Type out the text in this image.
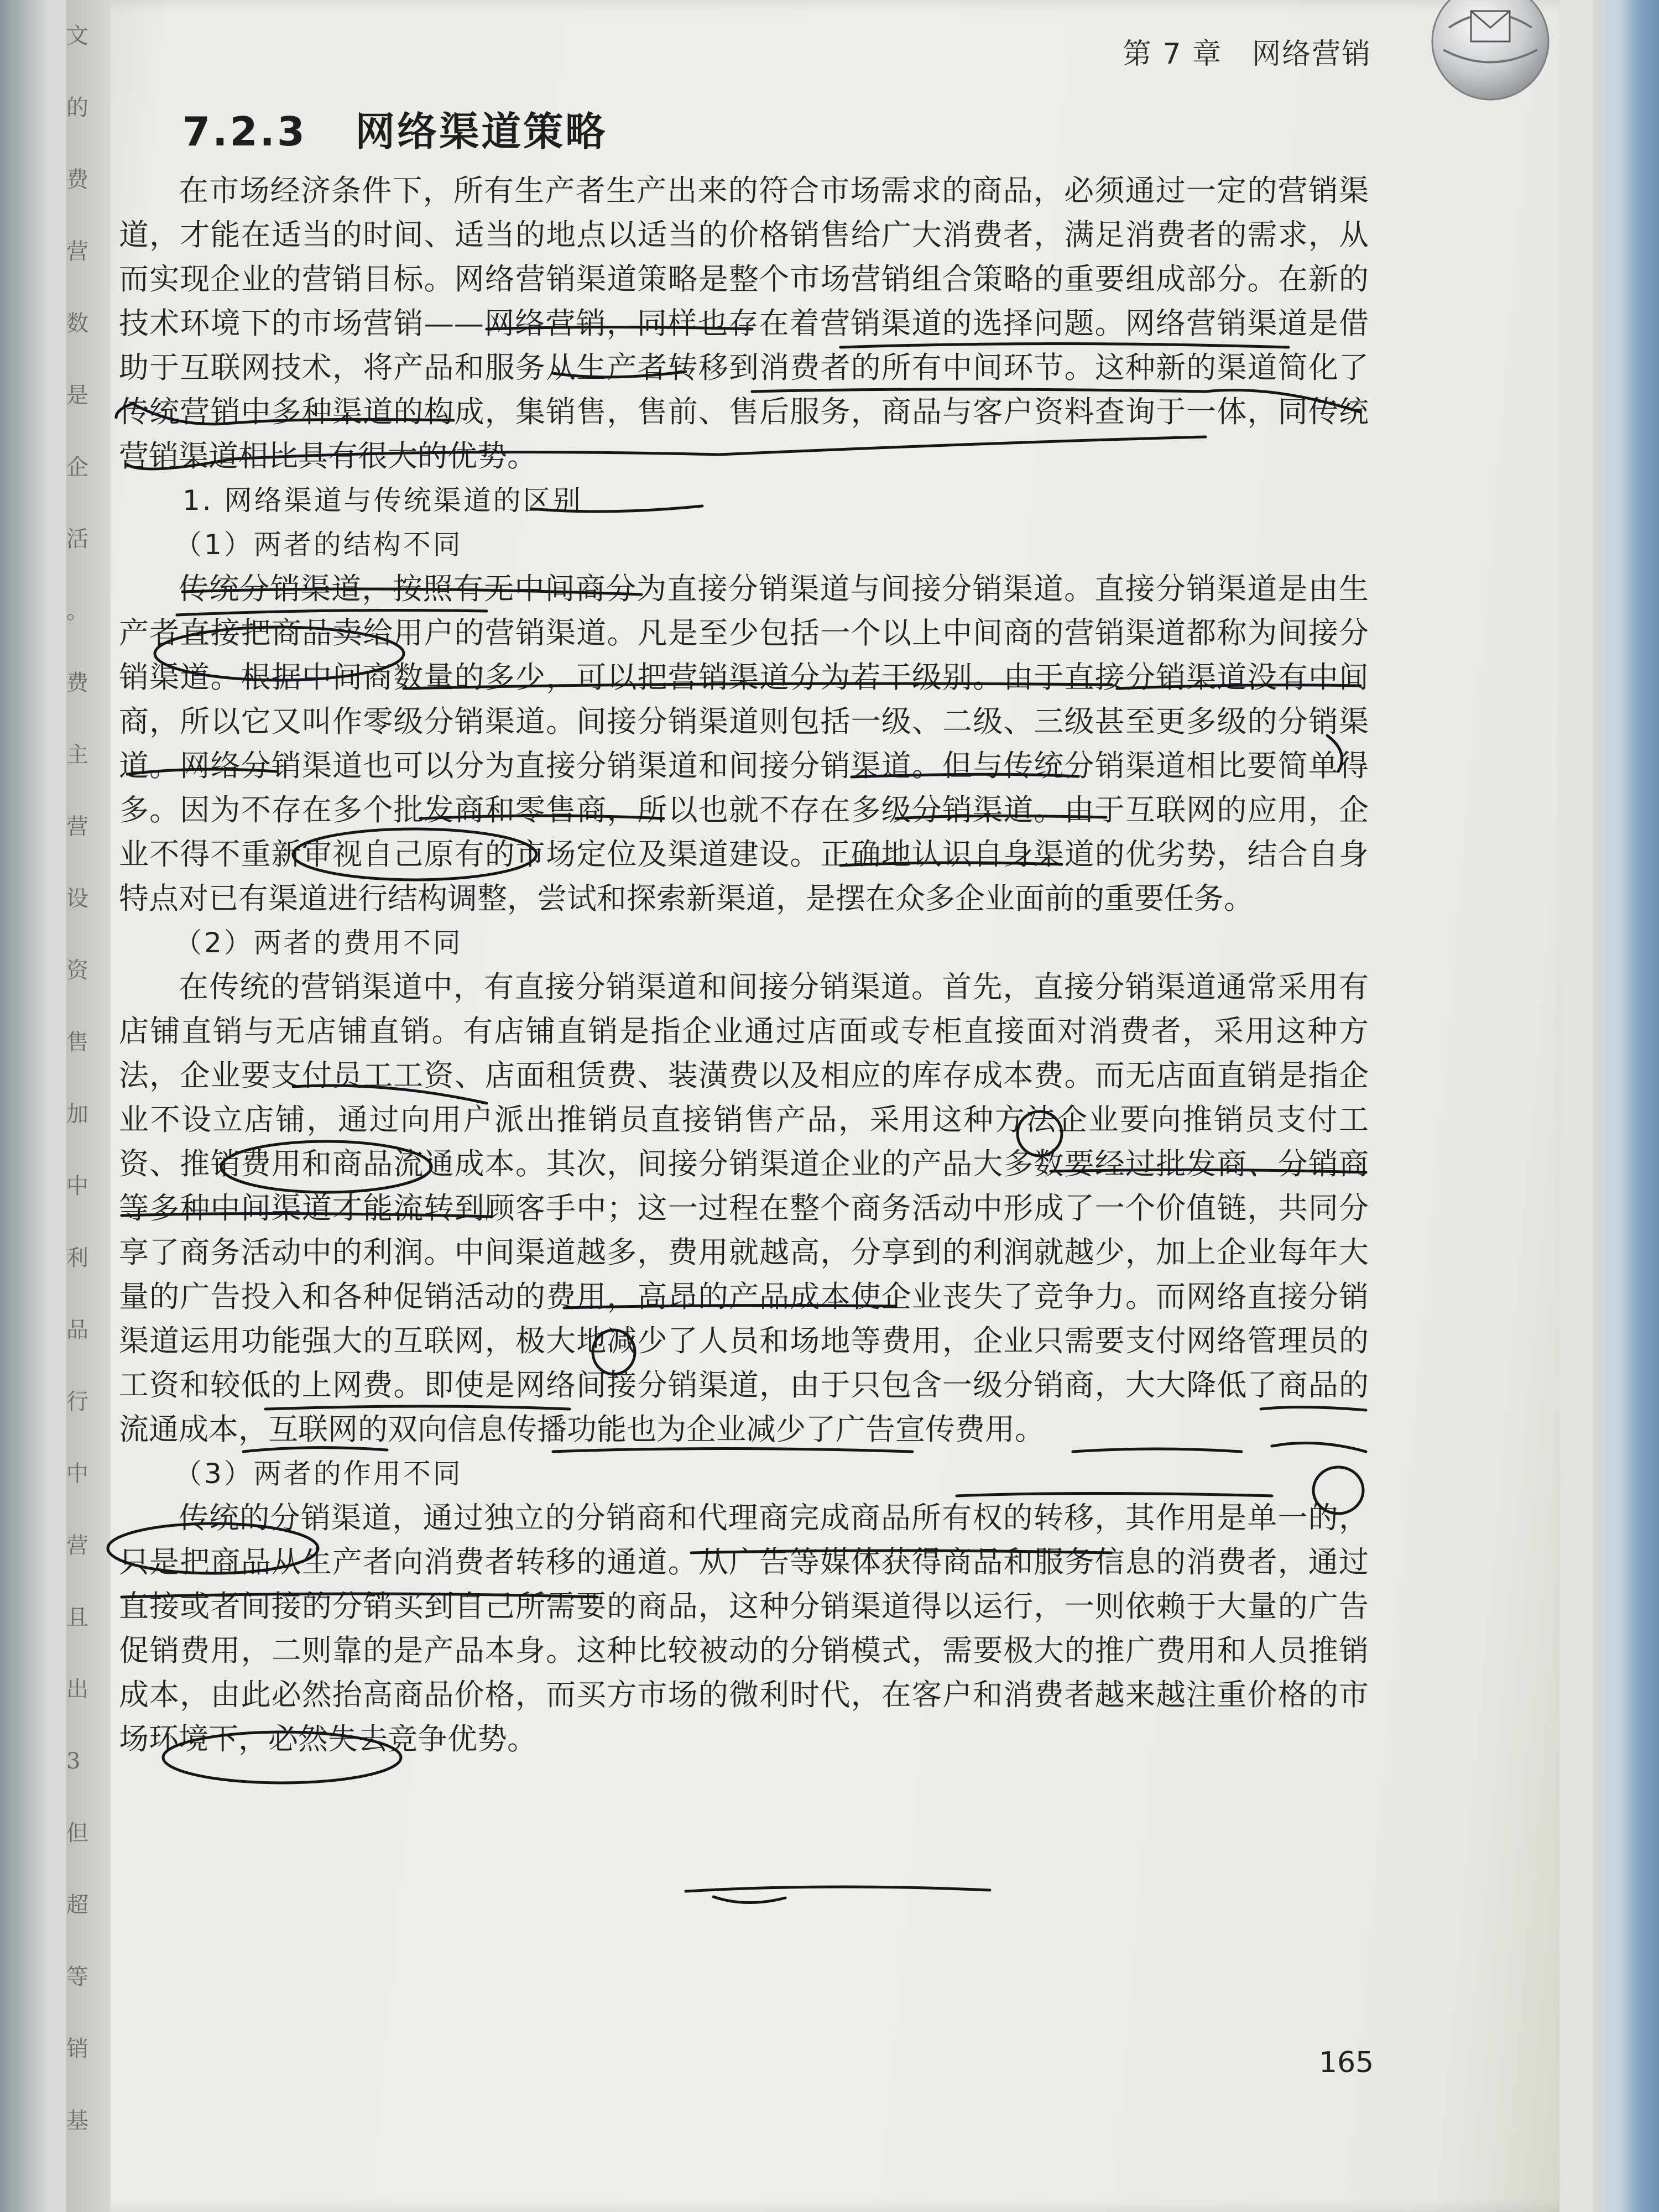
文
的
费
营
数
是
企
活
。
费
主
营
设
资
售
加
中
利
品
行
中
营
且
出
3
但
超
等
销
基
第 7 章　网络营销
7.2.3 网络渠道策略

在市场经济条件下，所有生产者生产出来的符合市场需求的商品，必须通过一定的营销渠道，才能在适当的时间、适当的地点以适当的价格销售给广大消费者，满足消费者的需求，从而实现企业的营销目标。网络营销渠道策略是整个市场营销组合策略的重要组成部分。在新的技术环境下的市场营销——网络营销，同样也存在着营销渠道的选择问题。网络营销渠道是借助于互联网技术，将产品和服务从生产者转移到消费者的所有中间环节。这种新的渠道简化了传统营销中多种渠道的构成，集销售，售前、售后服务，商品与客户资料查询于一体，同传统营销渠道相比具有很大的优势。

1. 网络渠道与传统渠道的区别
（1）两者的结构不同

传统分销渠道，按照有无中间商分为直接分销渠道与间接分销渠道。直接分销渠道是由生产者直接把商品卖给用户的营销渠道。凡是至少包括一个以上中间商的营销渠道都称为间接分销渠道。根据中间商数量的多少，可以把营销渠道分为若干级别。由于直接分销渠道没有中间商，所以它又叫作零级分销渠道。间接分销渠道则包括一级、二级、三级甚至更多级的分销渠道。网络分销渠道也可以分为直接分销渠道和间接分销渠道。但与传统分销渠道相比要简单得多。因为不存在多个批发商和零售商，所以也就不存在多级分销渠道。由于互联网的应用，企业不得不重新审视自己原有的市场定位及渠道建设。正确地认识自身渠道的优劣势，结合自身特点对已有渠道进行结构调整，尝试和探索新渠道，是摆在众多企业面前的重要任务。

（2）两者的费用不同

在传统的营销渠道中，有直接分销渠道和间接分销渠道。首先，直接分销渠道通常采用有店铺直销与无店铺直销。有店铺直销是指企业通过店面或专柜直接面对消费者，采用这种方法，企业要支付员工工资、店面租赁费、装潢费以及相应的库存成本费。而无店面直销是指企业不设立店铺，通过向用户派出推销员直接销售产品，采用这种方法企业要向推销员支付工资、推销费用和商品流通成本。其次，间接分销渠道企业的产品大多数要经过批发商、分销商等多种中间渠道才能流转到顾客手中；这一过程在整个商务活动中形成了一个价值链，共同分享了商务活动中的利润。中间渠道越多，费用就越高，分享到的利润就越少，加上企业每年大量的广告投入和各种促销活动的费用，高昂的产品成本使企业丧失了竞争力。而网络直接分销渠道运用功能强大的互联网，极大地减少了人员和场地等费用，企业只需要支付网络管理员的工资和较低的上网费。即使是网络间接分销渠道，由于只包含一级分销商，大大降低了商品的流通成本，互联网的双向信息传播功能也为企业减少了广告宣传费用。

（3）两者的作用不同

传统的分销渠道，通过独立的分销商和代理商完成商品所有权的转移，其作用是单一的，只是把商品从生产者向消费者转移的通道。从广告等媒体获得商品和服务信息的消费者，通过直接或者间接的分销买到自己所需要的商品，这种分销渠道得以运行，一则依赖于大量的广告促销费用，二则靠的是产品本身。这种比较被动的分销模式，需要极大的推广费用和人员推销成本，由此必然抬高商品价格，而买方市场的微利时代，在客户和消费者越来越注重价格的市场环境下，必然失去竞争优势。

165
